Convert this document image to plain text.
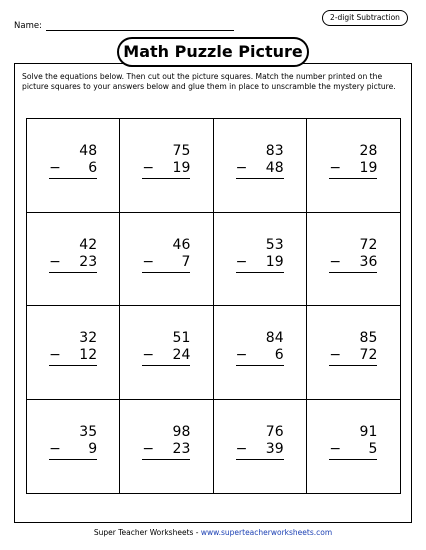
Name:
2-digit Subtraction
Math Puzzle Picture

Solve the equations below. Then cut out the picture squares. Match the number printed on the picture squares to your answers below and glue them in place to unscramble the mystery picture.

48
− 6
75
− 19
83
− 48
28
− 19
42
− 23
46
− 7
53
− 19
72
− 36
32
− 12
51
− 24
84
− 6
85
− 72
35
− 9
98
− 23
76
− 39
91
− 5
Super Teacher Worksheets - www.superteacherworksheets.com
